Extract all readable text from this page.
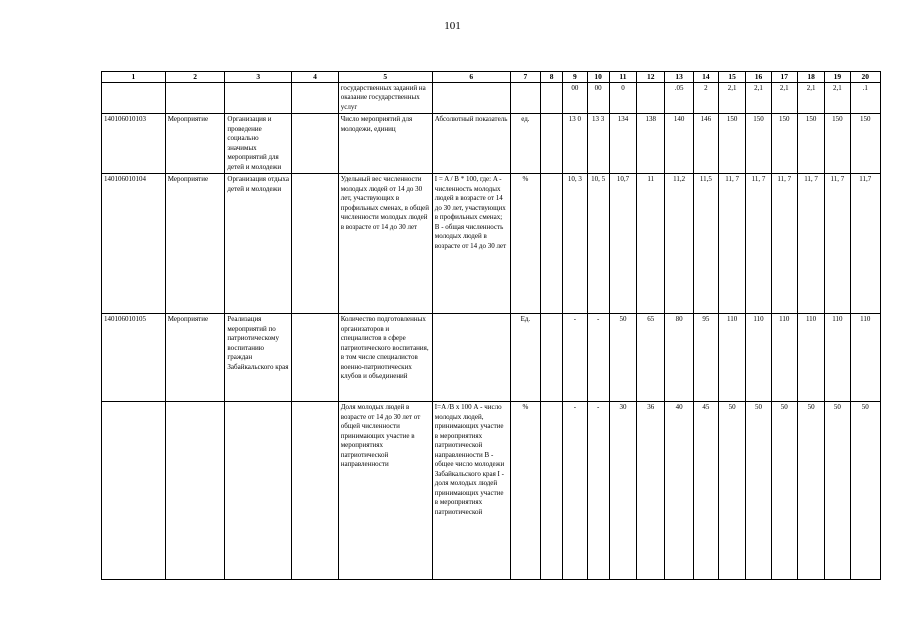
101
1	2	3	4	5	6	7	8	9	10	11	12	13	14	15	16	17	18	19	20
				государственных заданий на оказание государственных услуг				00	00	0		.05	2	2,1	2,1	2,1	2,1	2,1	.1
140106010103	Мероприятие	Организация и проведение социально значимых мероприятий для детей и молодежи		Число мероприятий для молодежи, единиц	Абсолютный показатель	ед.		13 0	13 3	134	138	140	146	150	150	150	150	150	150
140106010104	Мероприятие	Организация отдыха детей и молодежи		Удельный вес численности молодых людей от 14 до 30 лет, участвующих в профильных сменах, в общей численности молодых людей в возрасте от 14 до 30 лет	I = A / B * 100, где: A - численность молодых людей в возрасте от 14 до 30 лет, участвующих в профильных сменах; B - общая численность молодых людей в возрасте от 14 до 30 лет	%		10, 3	10, 5	10,7	11	11,2	11,5	11, 7	11, 7	11, 7	11, 7	11, 7	11,7
140106010105	Мероприятие	Реализация мероприятий по патриотическому воспитанию граждан Забайкальского края		Количество подготовленных организаторов и специалистов в сфере патриотического воспитания, в том числе специалистов военно-патриотических клубов и объединений		Ед.		-	-	50	65	80	95	110	110	110	110	110	110
				Доля молодых людей в возрасте от 14 до 30 лет от общей численности принимающих участие в мероприятиях патриотической направленности	I=A /B x 100 А - число молодых людей, принимающих участие в мероприятиях патриотической направленности В - общее число молодежи Забайкальского края I - доля молодых людей принимающих участие в мероприятиях патриотической	%		-	-	30	36	40	45	50	50	50	50	50	50
